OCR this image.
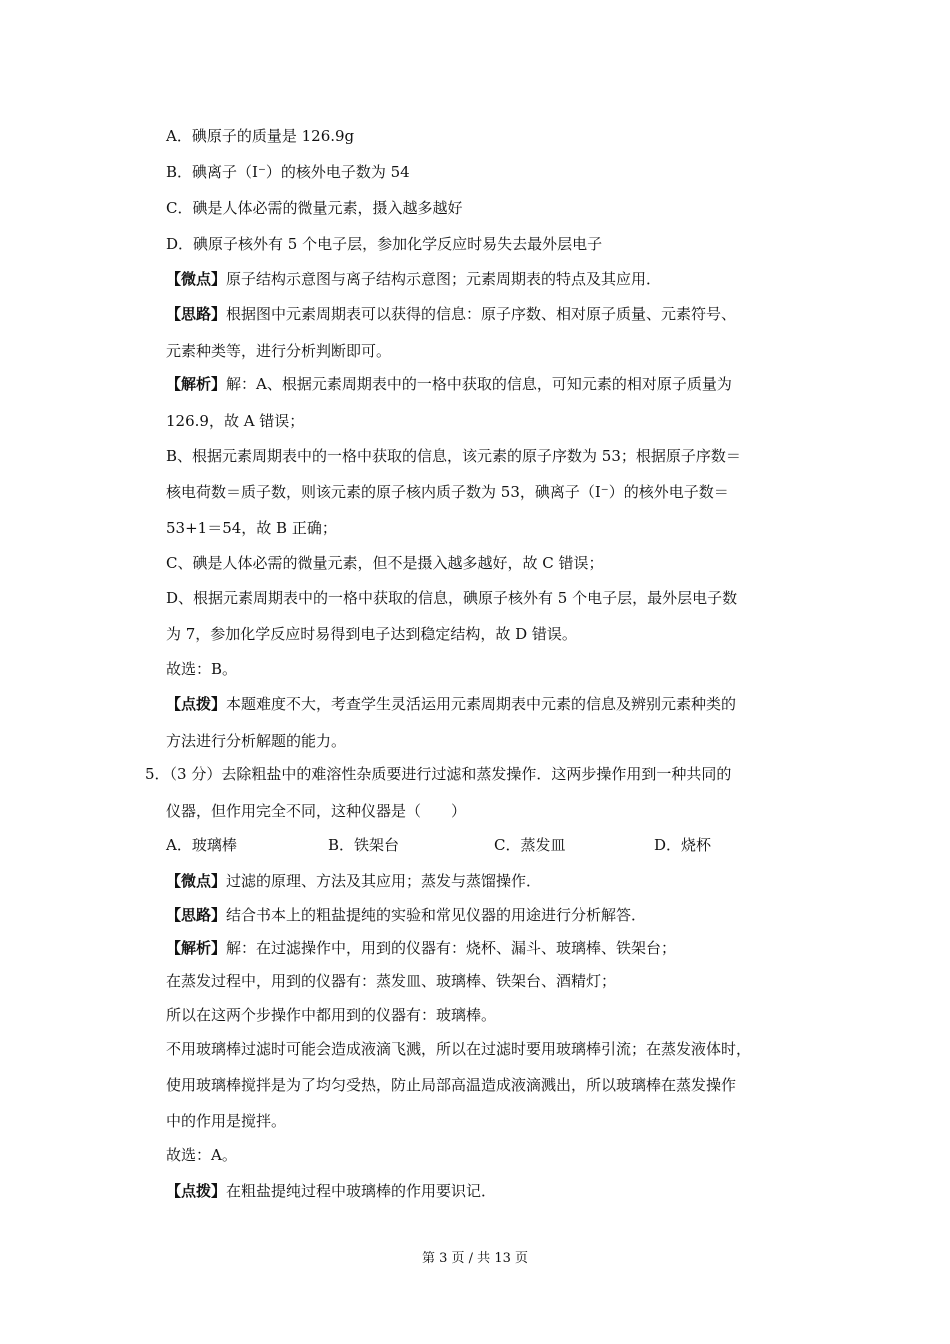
A．碘原子的质量是 126.9g

B．碘离子（I⁻）的核外电子数为 54

C．碘是人体必需的微量元素，摄入越多越好

D．碘原子核外有 5 个电子层，参加化学反应时易失去最外层电子

【微点】原子结构示意图与离子结构示意图；元素周期表的特点及其应用．

【思路】根据图中元素周期表可以获得的信息：原子序数、相对原子质量、元素符号、

元素种类等，进行分析判断即可。

【解析】解：A、根据元素周期表中的一格中获取的信息，可知元素的相对原子质量为

126.9，故 A 错误；

B、根据元素周期表中的一格中获取的信息，该元素的原子序数为 53；根据原子序数＝

核电荷数＝质子数，则该元素的原子核内质子数为 53，碘离子（I⁻）的核外电子数＝

53+1＝54，故 B 正确；

C、碘是人体必需的微量元素，但不是摄入越多越好，故 C 错误；

D、根据元素周期表中的一格中获取的信息，碘原子核外有 5 个电子层，最外层电子数

为 7，参加化学反应时易得到电子达到稳定结构，故 D 错误。

故选：B。

【点拨】本题难度不大，考查学生灵活运用元素周期表中元素的信息及辨别元素种类的

方法进行分析解题的能力。

5．（3 分）去除粗盐中的难溶性杂质要进行过滤和蒸发操作．这两步操作用到一种共同的

仪器，但作用完全不同，这种仪器是（　　）

A．玻璃棒	B．铁架台	C．蒸发皿	D．烧杯

【微点】过滤的原理、方法及其应用；蒸发与蒸馏操作．

【思路】结合书本上的粗盐提纯的实验和常见仪器的用途进行分析解答．

【解析】解：在过滤操作中，用到的仪器有：烧杯、漏斗、玻璃棒、铁架台；

在蒸发过程中，用到的仪器有：蒸发皿、玻璃棒、铁架台、酒精灯；

所以在这两个步操作中都用到的仪器有：玻璃棒。

不用玻璃棒过滤时可能会造成液滴飞溅，所以在过滤时要用玻璃棒引流；在蒸发液体时，

使用玻璃棒搅拌是为了均匀受热，防止局部高温造成液滴溅出，所以玻璃棒在蒸发操作

中的作用是搅拌。

故选：A。

【点拨】在粗盐提纯过程中玻璃棒的作用要识记．

第 3 页 / 共 13 页
